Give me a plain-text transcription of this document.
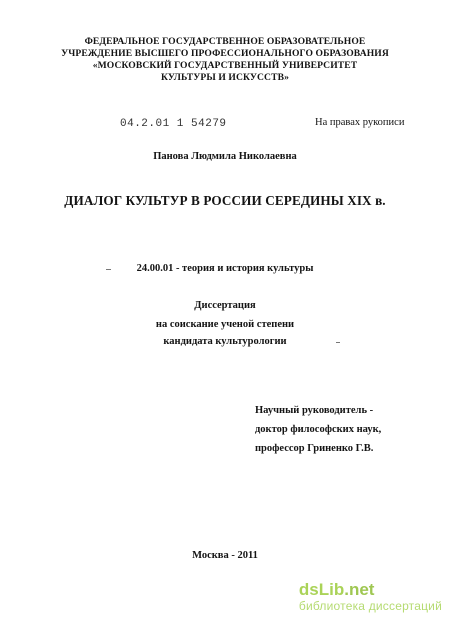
ФЕДЕРАЛЬНОЕ ГОСУДАРСТВЕННОЕ ОБРАЗОВАТЕЛЬНОЕ
УЧРЕЖДЕНИЕ ВЫСШЕГО ПРОФЕССИОНАЛЬНОГО ОБРАЗОВАНИЯ
«МОСКОВСКИЙ ГОСУДАРСТВЕННЫЙ УНИВЕРСИТЕТ
КУЛЬТУРЫ И ИСКУССТВ»
04.2.01 1 54279	На правах рукописи
Панова Людмила Николаевна
ДИАЛОГ КУЛЬТУР В РОССИИ СЕРЕДИНЫ XIX в.
24.00.01 - теория и история культуры
Диссертация
на соискание ученой степени
кандидата культурологии
Научный руководитель -
доктор философских наук,
профессор Гриненко Г.В.
Москва - 2011
dsLib.net
библиотека диссертаций
